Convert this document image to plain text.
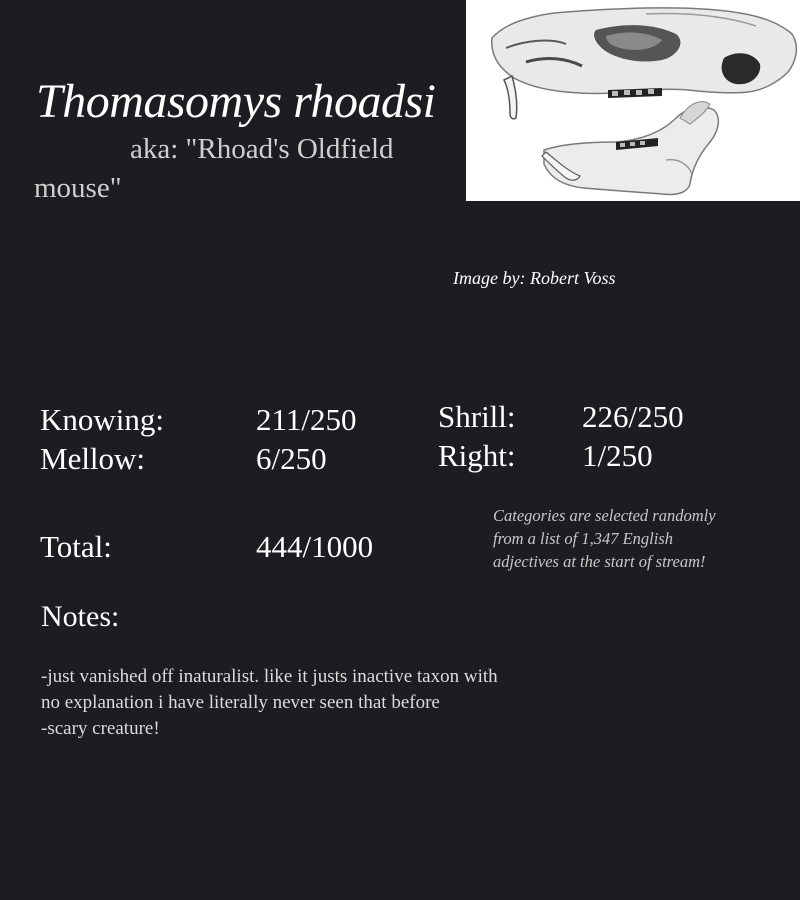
Thomasomys rhoadsi
aka: "Rhoad's Oldfield mouse"
Image by: Robert Voss
Knowing:	211/250
Mellow:	6/250
Shrill: 226/250
Right: 1/250
Total:	444/1000
Categories are selected randomly from a list of 1,347 English adjectives at the start of stream!
Notes:
-just vanished off inaturalist. like it justs inactive taxon with no explanation i have literally never seen that before
-scary creature!
